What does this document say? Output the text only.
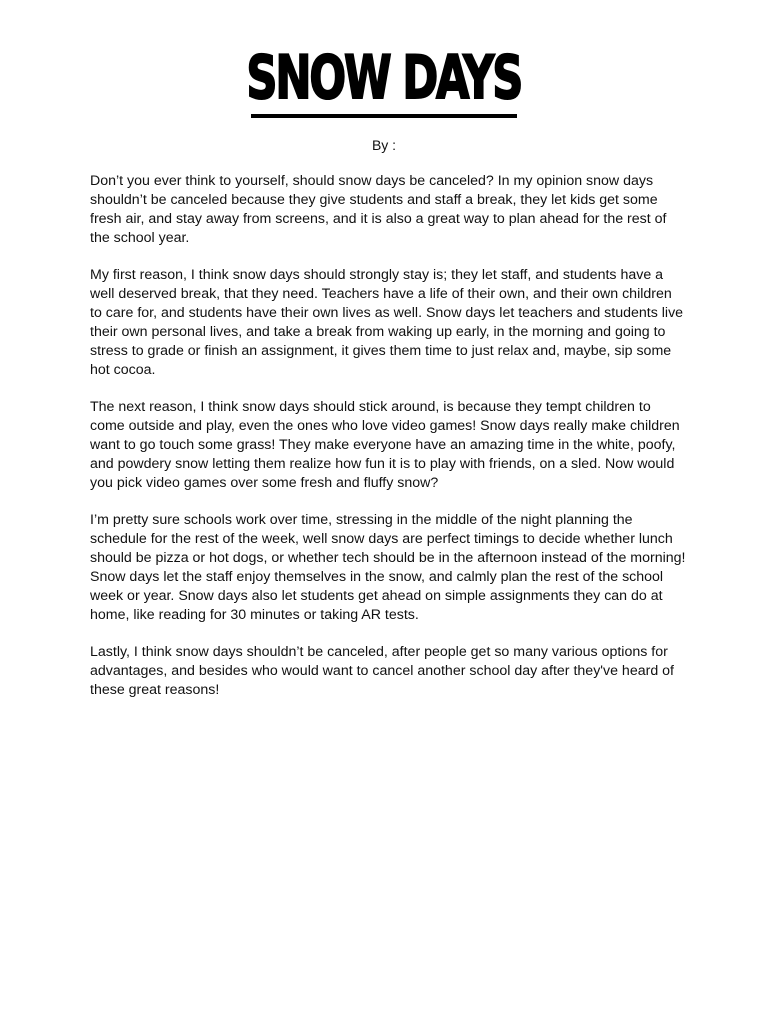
SNOW DAYS
By :

Don’t you ever think to yourself, should snow days be canceled? In my opinion snow days shouldn’t be canceled because they give students and staff a break, they let kids get some fresh air, and stay away from screens, and it is also a great way to plan ahead for the rest of the school year.

My first reason, I think snow days should strongly stay is; they let staff, and students have a well deserved break, that they need. Teachers have a life of their own, and their own children to care for, and students have their own lives as well. Snow days let teachers and students live their own personal lives, and take a break from waking up early, in the morning and going to stress to grade or finish an assignment, it gives them time to just relax and, maybe, sip some hot cocoa.

The next reason, I think snow days should stick around, is because they tempt children to come outside and play, even the ones who love video games! Snow days really make children want to go touch some grass! They make everyone have an amazing time in the white, poofy, and powdery snow letting them realize how fun it is to play with friends, on a sled. Now would you pick video games over some fresh and fluffy snow?

I’m pretty sure schools work over time, stressing in the middle of the night planning the schedule for the rest of the week, well snow days are perfect timings to decide whether lunch should be pizza or hot dogs, or whether tech should be in the afternoon instead of the morning! Snow days let the staff enjoy themselves in the snow, and calmly plan the rest of the school week or year. Snow days also let students get ahead on simple assignments they can do at home, like reading for 30 minutes or taking AR tests.

Lastly, I think snow days shouldn’t be canceled, after people get so many various options for advantages, and besides who would want to cancel another school day after they've heard of these great reasons!
